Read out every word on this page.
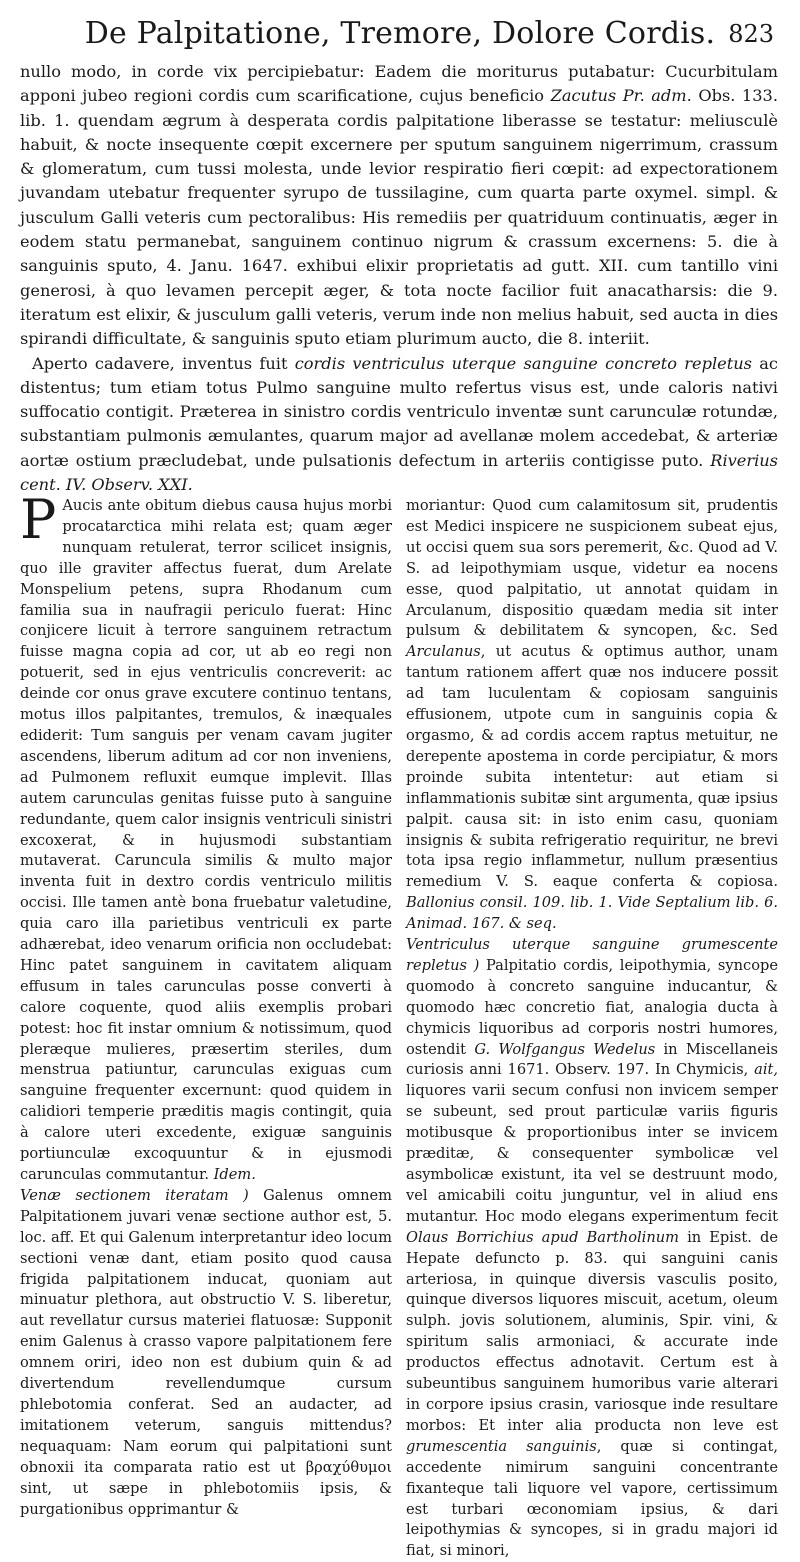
De Palpitatione, Tremore, Dolore Cordis. 823

nullo modo, in corde vix percipiebatur: Eadem die moriturus putabatur: Cucurbitulam apponi jubeo regioni cordis cum scarificatione, cujus beneficio Zacutus Pr. adm. Obs. 133. lib. 1. quendam ægrum à desperata cordis palpitatione liberasse se testatur: meliusculè habuit, & nocte insequente cœpit excernere per sputum sanguinem nigerrimum, crassum & glomeratum, cum tussi molesta, unde levior respiratio fieri cœpit: ad expectorationem juvandam utebatur frequenter syrupo de tussilagine, cum quarta parte oxymel. simpl. & jusculum Galli veteris cum pectoralibus: His remediis per quatriduum continuatis, æger in eodem statu permanebat, sanguinem continuo nigrum & crassum excernens: 5. die à sanguinis sputo, 4. Janu. 1647. exhibui elixir proprietatis ad gutt. XII. cum tantillo vini generosi, à quo levamen percepit æger, & tota nocte facilior fuit anacatharsis: die 9. iteratum est elixir, & jusculum galli veteris, verum inde non melius habuit, sed aucta in dies spirandi difficultate, & sanguinis sputo etiam plurimum aucto, die 8. interiit.

Aperto cadavere, inventus fuit cordis ventriculus uterque sanguine concreto repletus ac distentus; tum etiam totus Pulmo sanguine multo refertus visus est, unde caloris nativi suffocatio contigit. Præterea in sinistro cordis ventriculo inventæ sunt carunculæ rotundæ, substantiam pulmonis æmulantes, quarum major ad avellanæ molem accedebat, & arteriæ aortæ ostium præcludebat, unde pulsationis defectum in arteriis contigisse puto. Riverius cent. IV. Observ. XXI.

P Aucis ante obitum diebus causa hujus morbi procatarctica mihi relata est; quam æger nunquam retulerat, terror scilicet insignis, quo ille graviter affectus fuerat, dum Arelate Monspelium petens, supra Rhodanum cum familia sua in naufragii periculo fuerat: Hinc conjicere licuit à terrore sanguinem retractum fuisse magna copia ad cor, ut ab eo regi non potuerit, sed in ejus ventriculis concreverit: ac deinde cor onus grave excutere continuo tentans, motus illos palpitantes, tremulos, & inæquales ediderit: Tum sanguis per venam cavam jugiter ascendens, liberum aditum ad cor non inveniens, ad Pulmonem refluxit eumque implevit. Illas autem carunculas genitas fuisse puto à sanguine redundante, quem calor insignis ventriculi sinistri excoxerat, & in hujusmodi substantiam mutaverat. Caruncula similis & multo major inventa fuit in dextro cordis ventriculo militis occisi. Ille tamen antè bona fruebatur valetudine, quia caro illa parietibus ventriculi ex parte adhærebat, ideo venarum orificia non occludebat: Hinc patet sanguinem in cavitatem aliquam effusum in tales carunculas posse converti à calore coquente, quod aliis exemplis probari potest: hoc fit instar omnium & notissimum, quod pleræque mulieres, præsertim steriles, dum menstrua patiuntur, carunculas exiguas cum sanguine frequenter excernunt: quod quidem in calidiori temperie præditis magis contingit, quia à calore uteri excedente, exiguæ sanguinis portiunculæ excoquuntur & in ejusmodi carunculas commutantur. Idem.

Venæ sectionem iteratam ) Galenus omnem Palpitationem juvari venæ sectione author est, 5. loc. aff. Et qui Galenum interpretantur ideo locum sectioni venæ dant, etiam posito quod causa frigida palpitationem inducat, quoniam aut minuatur plethora, aut obstructio V. S. liberetur, aut revellatur cursus materiei flatuosæ: Supponit enim Galenus à crasso vapore palpitationem fere omnem oriri, ideo non est dubium quin & ad divertendum revellendumque cursum phlebotomia conferat. Sed an audacter, ad imitationem veterum, sanguis mittendus? nequaquam: Nam eorum qui palpitationi sunt obnoxii ita comparata ratio est ut βραχύθυμοι sint, ut sæpe in phlebotomiis ipsis, & purgationibus opprimantur &

moriantur: Quod cum calamitosum sit, prudentis est Medici inspicere ne suspicionem subeat ejus, ut occisi quem sua sors peremerit, &c. Quod ad V. S. ad leipothymiam usque, videtur ea nocens esse, quod palpitatio, ut annotat quidam in Arculanum, dispositio quædam media sit inter pulsum & debilitatem & syncopen, &c. Sed Arculanus, ut acutus & optimus author, unam tantum rationem affert quæ nos inducere possit ad tam luculentam & copiosam sanguinis effusionem, utpote cum in sanguinis copia & orgasmo, & ad cordis accem raptus metuitur, ne derepente apostema in corde percipiatur, & mors proinde subita intentetur: aut etiam si inflammationis subitæ sint argumenta, quæ ipsius palpit. causa sit: in isto enim casu, quoniam insignis & subita refrigeratio requiritur, ne brevi tota ipsa regio inflammetur, nullum præsentius remedium V. S. eaque conferta & copiosa. Ballonius consil. 109. lib. 1. Vide Septalium lib. 6. Animad. 167. & seq.

Ventriculus uterque sanguine grumescente repletus ) Palpitatio cordis, leipothymia, syncope quomodo à concreto sanguine inducantur, & quomodo hæc concretio fiat, analogia ducta à chymicis liquoribus ad corporis nostri humores, ostendit G. Wolfgangus Wedelus in Miscellaneis curiosis anni 1671. Observ. 197. In Chymicis, ait, liquores varii secum confusi non invicem semper se subeunt, sed prout particulæ variis figuris motibusque & proportionibus inter se invicem præditæ, & consequenter symbolicæ vel asymbolicæ existunt, ita vel se destruunt modo, vel amicabili coitu junguntur, vel in aliud ens mutantur. Hoc modo elegans experimentum fecit Olaus Borrichius apud Bartholinum in Epist. de Hepate defuncto p. 83. qui sanguini canis arteriosa, in quinque diversis vasculis posito, quinque diversos liquores miscuit, acetum, oleum sulph. jovis solutionem, aluminis, Spir. vini, & spiritum salis armoniaci, & accurate inde productos effectus adnotavit. Certum est à subeuntibus sanguinem humoribus varie alterari in corpore ipsius crasin, variosque inde resultare morbos: Et inter alia producta non leve est grumescentia sanguinis, quæ si contingat, accedente nimirum sanguini concentrante fixanteque tali liquore vel vapore, certissimum est turbari œconomiam ipsius, & dari leipothymias & syncopes, si in gradu majori id fiat, si minori,
